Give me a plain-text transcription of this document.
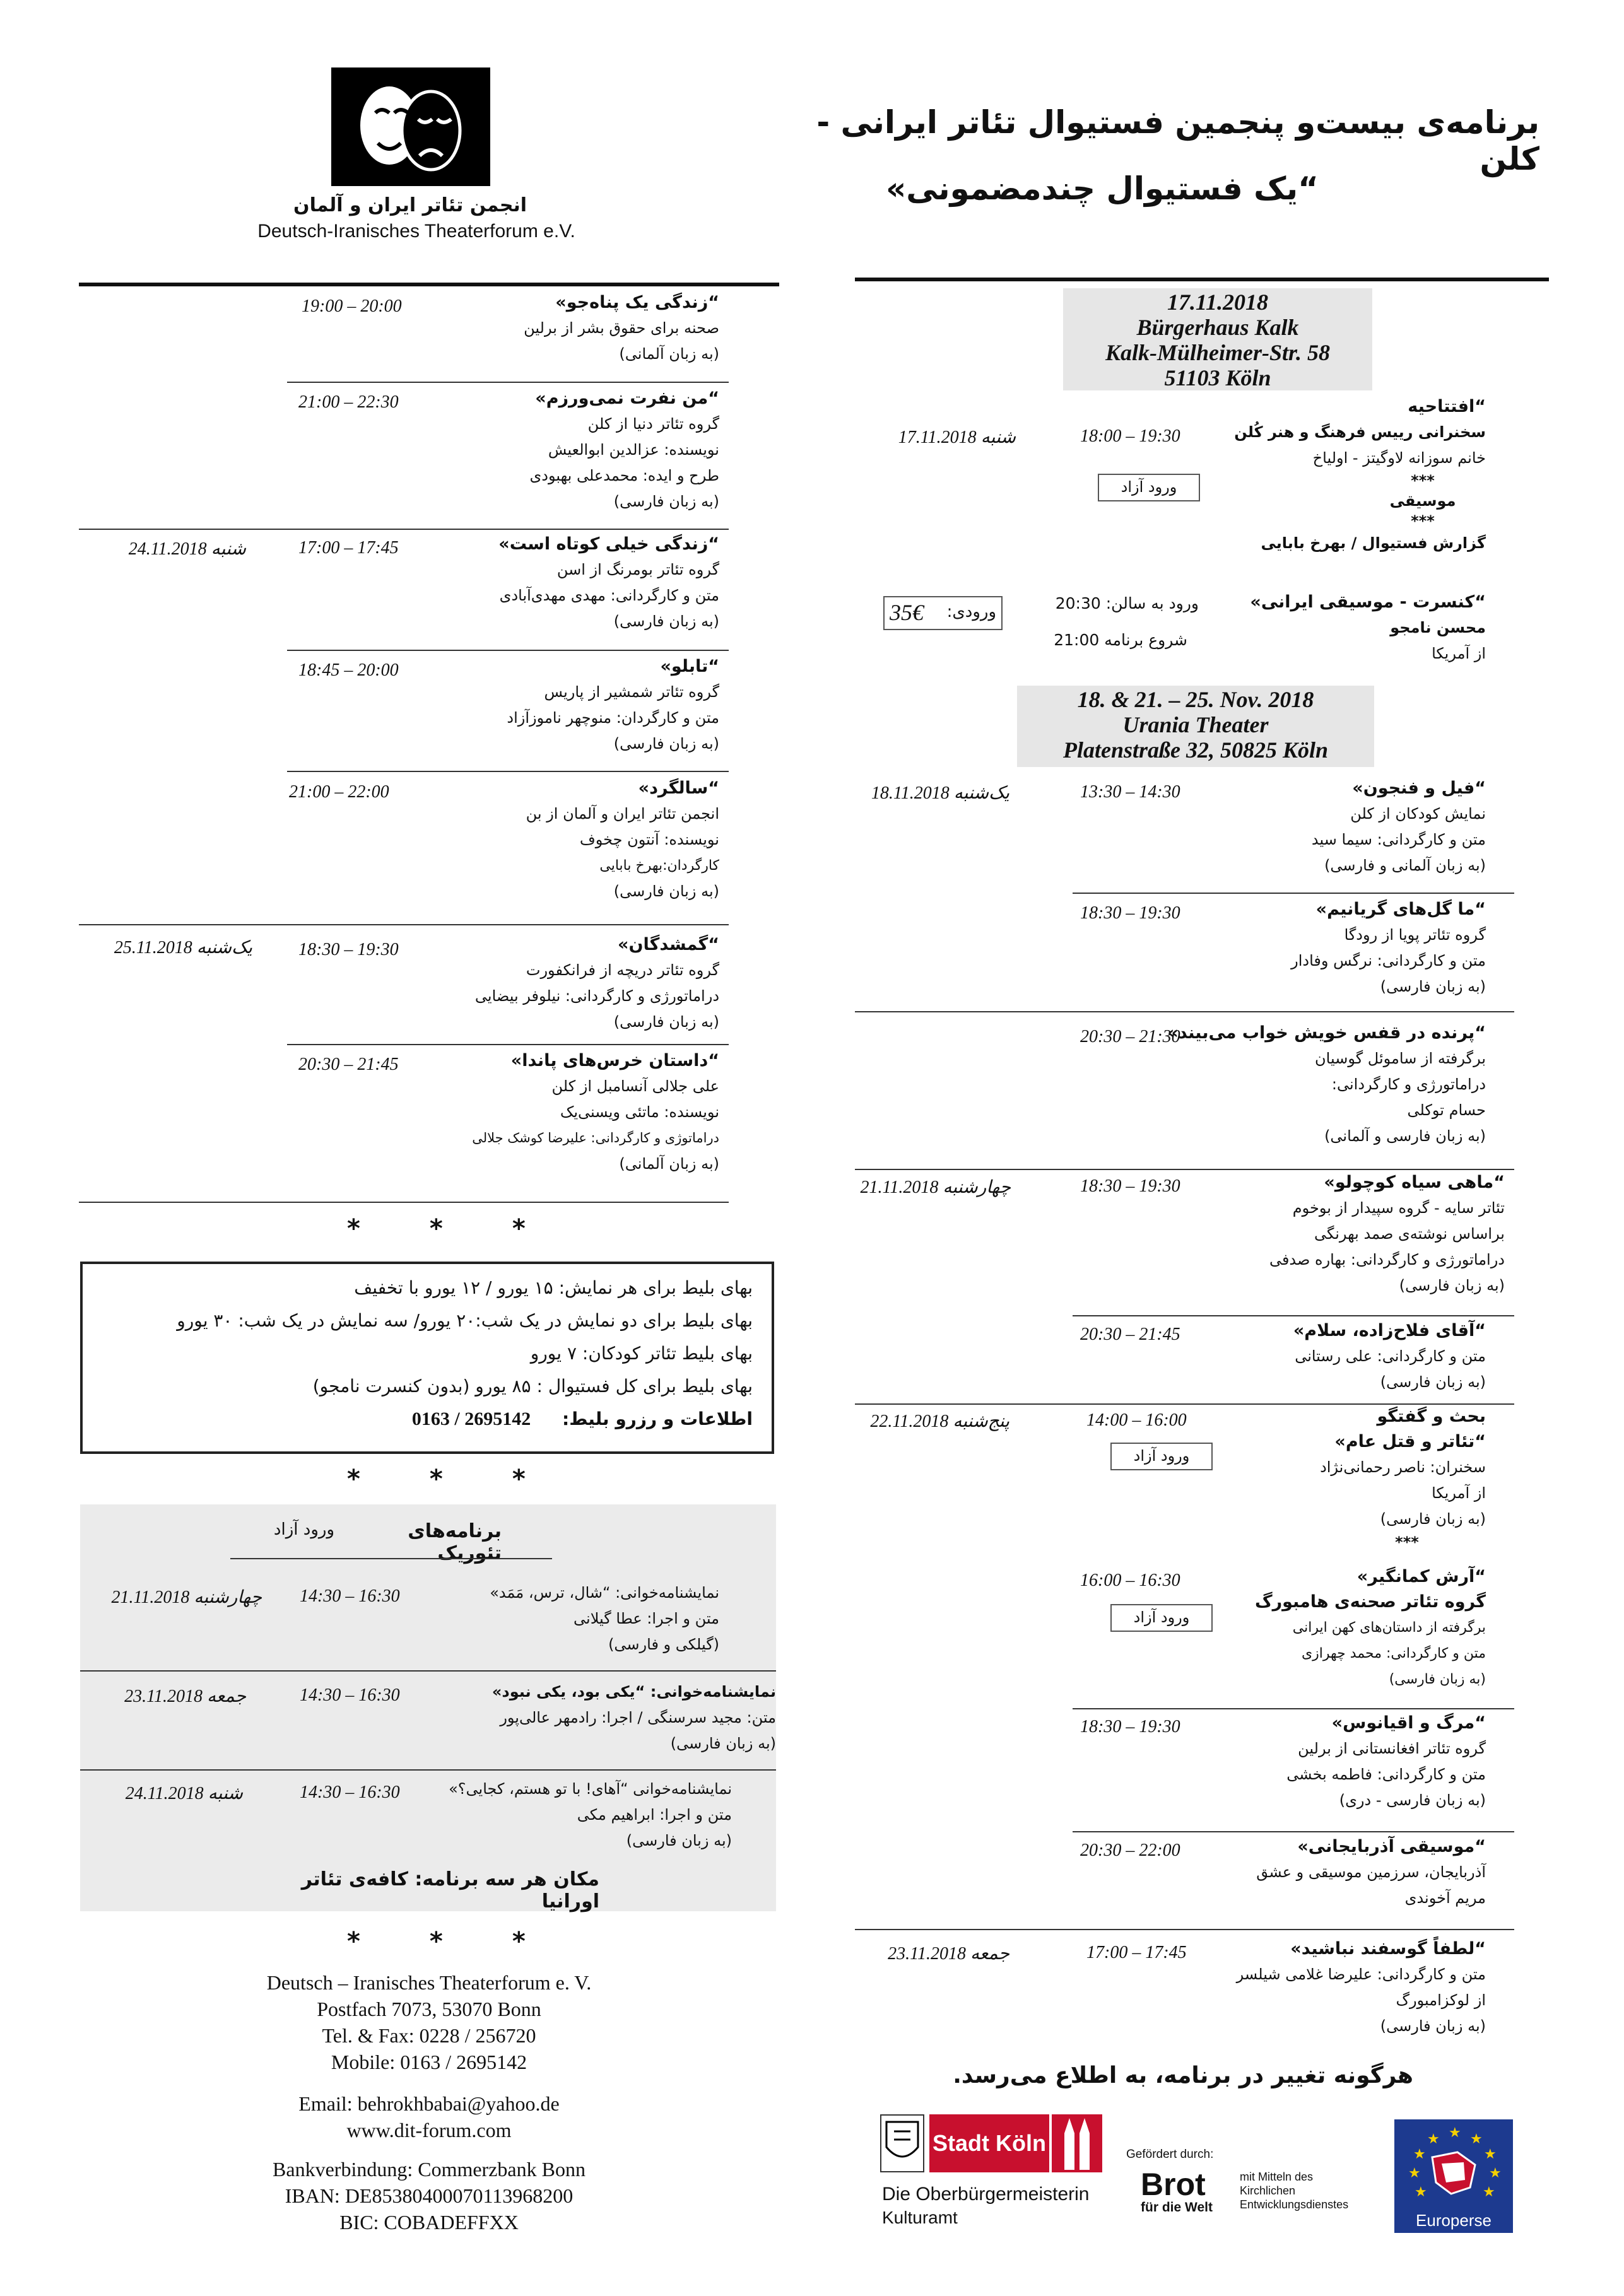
انجمن تئاتر ایران و آلمان
Deutsch-Iranisches Theaterforum e.V.
برنامه‌ی بیست‌و پنجمین فستیوال تئاتر ایرانی - کلن
“یک فستیوال چندمضمونی»
17.11.2018
Bürgerhaus Kalk
Kalk-Mülheimer-Str. 58
51103 Köln
شنبه 17.11.2018	18:00 – 19:30
ورود آزاد
“افتتاحیه
سخنرانی رییس فرهنگ و هنر کُلن
خانم سوزانه لاوگیتز - اولیاخ
***
موسیقی
***
گزارش فستیوال / بهرخ بابایی
ورودی:
35€	ورود به سالن: 20:30
شروع برنامه 21:00
“کنسرت - موسیقی ایرانی»
محسن نامجو
از آمریکا
18. & 21. – 25. Nov. 2018
Urania Theater
Platenstraße 32, 50825 Köln
یک‌شنبه 18.11.2018	13:30 – 14:30	“فیل و فنجون»
نمایش کودکان از کلن
متن و کارگردانی: سیما سید
(به زبان آلمانی و فارسی)
18:30 – 19:30	“ما گل‌های گریانیم»
گروه تئاتر پویا از رودگا
متن و کارگردانی: نرگس وفادار
(به زبان فارسی)
20:30 – 21:30
“پرنده در قفس خویش خواب می‌بیند»
برگرفته از ساموئل گوسیان
دراماتورژی و کارگردانی:
حسام توکلی
(به زبان فارسی و آلمانی)
چهارشنبه 21.11.2018	18:30 – 19:30	“ماهی سیاه کوچولو»
تئاتر سایه - گروه سپیدار از بوخوم
براساس نوشته‌ی صمد بهرنگی
دراماتورژی و کارگردانی: بهاره صدفی
(به زبان فارسی)
20:30 – 21:45	“آقای فلاح‌زاده، سلام»
متن و کارگردانی: علی رستانی
(به زبان فارسی)
پنج‌شنبه 22.11.2018	14:00 – 16:00
ورود آزاد
بحث و گفتگو
“تئاتر و قتل عام»
سخنران: ناصر رحمانی‌نژاد
از آمریکا
(به زبان فارسی)
***
16:00 – 16:30
ورود آزاد
“آرش کمانگیر»
گروه تئاتر صحنه‌ی هامبورگ
برگرفته از داستان‌های کهن ایرانی
متن و کارگردانی: محمد چهرازی
(به زبان فارسی)
18:30 – 19:30	“مرگ و اقیانوس»
گروه تئاتر افغانستانی از برلین
متن و کارگردانی: فاطمه بخشی
(به زبان فارسی - دری)
20:30 – 22:00	“موسیقی آذربایجانی»
آذربایجان، سرزمین موسیقی و عشق
مریم آخوندی
جمعه 23.11.2018	17:00 – 17:45	“لطفاً گوسفند نباشید»
متن و کارگردانی: علیرضا غلامی شیلسر
از لوکزامبورگ
(به زبان فارسی)
هرگونه تغییر در برنامه، به اطلاع می‌رسد.
Stadt Köln
Die Oberbürgermeisterin
Kulturamt
Gefördert durch:
Brot
für die Welt
mit Mitteln des
Kirchlichen
Entwicklungsdienstes
★ ★
★
★
★
★
★
★
★
Europerse
19:00 – 20:00	“زندگی یک پناه‌جو»
صحنه برای حقوق بشر از برلین
(به زبان آلمانی)
21:00 – 22:30	“من نفرت نمی‌ورزم»
گروه تئاتر دنیا از کلن
نویسنده: عزالدین ابوالعیش
طرح و ایده: محمدعلی بهبودی
(به زبان فارسی)
شنبه 24.11.2018	17:00 – 17:45	“زندگی خیلی کوتاه است»
گروه تئاتر بومرنگ از اسن
متن و کارگردانی: مهدی مهدی‌آبادی
(به زبان فارسی)
18:45 – 20:00	“تابلو»
گروه تئاتر شمشیر از پاریس
متن و کارگردان: منوچهر ناموزآزاد
(به زبان فارسی)
21:00 – 22:00	“سالگرد»
انجمن تئاتر ایران و آلمان از بن
نویسنده: آنتون چخوف
کارگردان:بهرخ بابایی
(به زبان فارسی)
یک‌شنبه 25.11.2018	18:30 – 19:30	“گمشدگان»
گروه تئاتر دریچه از فرانکفورت
دراماتورژی و کارگردانی: نیلوفر بیضایی
(به زبان فارسی)
20:30 – 21:45	“داستان خرس‌های پاندا»
علی جلالی آنسامبل از کلن
نویسنده: ماتئی ویسنی‌یک
دراماتوژی و کارگردانی: علیرضا کوشک جلالی
(به زبان آلمانی)
***
بهای بلیط برای هر نمایش: ۱۵ یورو / ۱۲ یورو با تخفیف
بهای بلیط برای دو نمایش در یک شب:۲۰ یورو/ سه نمایش در یک شب: ۳۰ یورو
بهای بلیط تئاتر کودکان: ۷ یورو
بهای بلیط برای کل فستیوال : ۸۵ یورو (بدون کنسرت نامجو)
اطلاعات و رزرو بلیط: 0163 / 2695142
***
برنامه‌های تئوریک
ورود آزاد
چهارشنبه 21.11.2018 14:30 – 16:30	نمایشنامه‌خوانی: “شال، ترس، مَمَد»
متن و اجرا: عطا گیلانی
(گیلکی و فارسی)
جمعه 23.11.2018	14:30 – 16:30	نمایشنامه‌خوانی: “یکی بود، یکی نبود»
متن: مجید سرسنگی / اجرا: رادمهر عالی‌پور
(به زبان فارسی)
شنبه 24.11.2018	14:30 – 16:30	نمایشنامه‌خوانی “آهای! با تو هستم، کجایی؟»
متن و اجرا: ابراهیم مکی
(به زبان فارسی)
مکان هر سه برنامه: کافه‌ی تئاتر اورانیا
***
Deutsch – Iranisches Theaterforum e. V.
Postfach 7073, 53070 Bonn
Tel. & Fax: 0228 / 256720
Mobile: 0163 / 2695142
Email: behrokhbabai@yahoo.de
www.dit-forum.com
Bankverbindung: Commerzbank Bonn
IBAN: DE85380400070113968200
BIC: COBADEFFXX
